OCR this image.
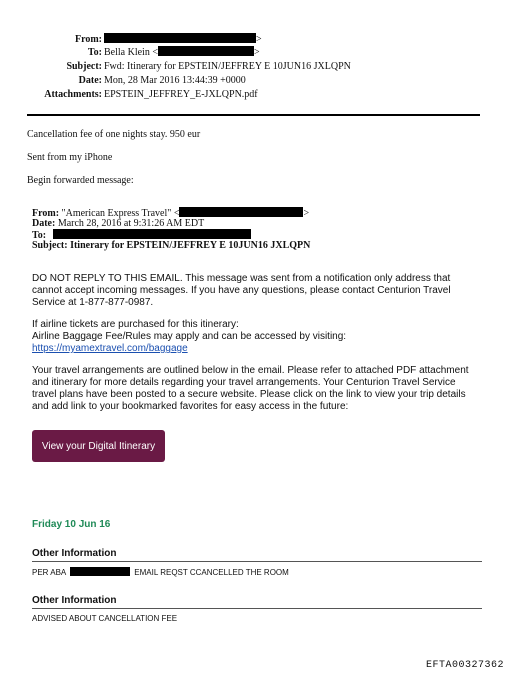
From:	>
To: Bella Klein <	>
Subject: Fwd: Itinerary for EPSTEIN/JEFFREY E 10JUN16 JXLQPN
Date: Mon, 28 Mar 2016 13:44:39 +0000
Attachments: EPSTEIN_JEFFREY_E-JXLQPN.pdf
Cancellation fee of one nights stay. 950 eur
Sent from my iPhone
Begin forwarded message:
From: "American Express Travel" <	>
Date: March 28, 2016 at 9:31:26 AM EDT
To:
Subject: Itinerary for EPSTEIN/JEFFREY E 10JUN16 JXLQPN
DO NOT REPLY TO THIS EMAIL. This message was sent from a notification only address that cannot accept incoming messages. If you have any questions, please contact Centurion Travel Service at 1-877-877-0987.
If airline tickets are purchased for this itinerary:
Airline Baggage Fee/Rules may apply and can be accessed by visiting:
https://myamextravel.com/baggage
Your travel arrangements are outlined below in the email. Please refer to attached PDF attachment and itinerary for more details regarding your travel arrangements. Your Centurion Travel Service travel plans have been posted to a secure website. Please click on the link to view your trip details and add link to your bookmarked favorites for easy access in the future:
View your Digital Itinerary
Friday 10 Jun 16
Other Information
PER ABA	EMAIL REQST CCANCELLED THE ROOM
Other Information
ADVISED ABOUT CANCELLATION FEE
EFTA00327362
